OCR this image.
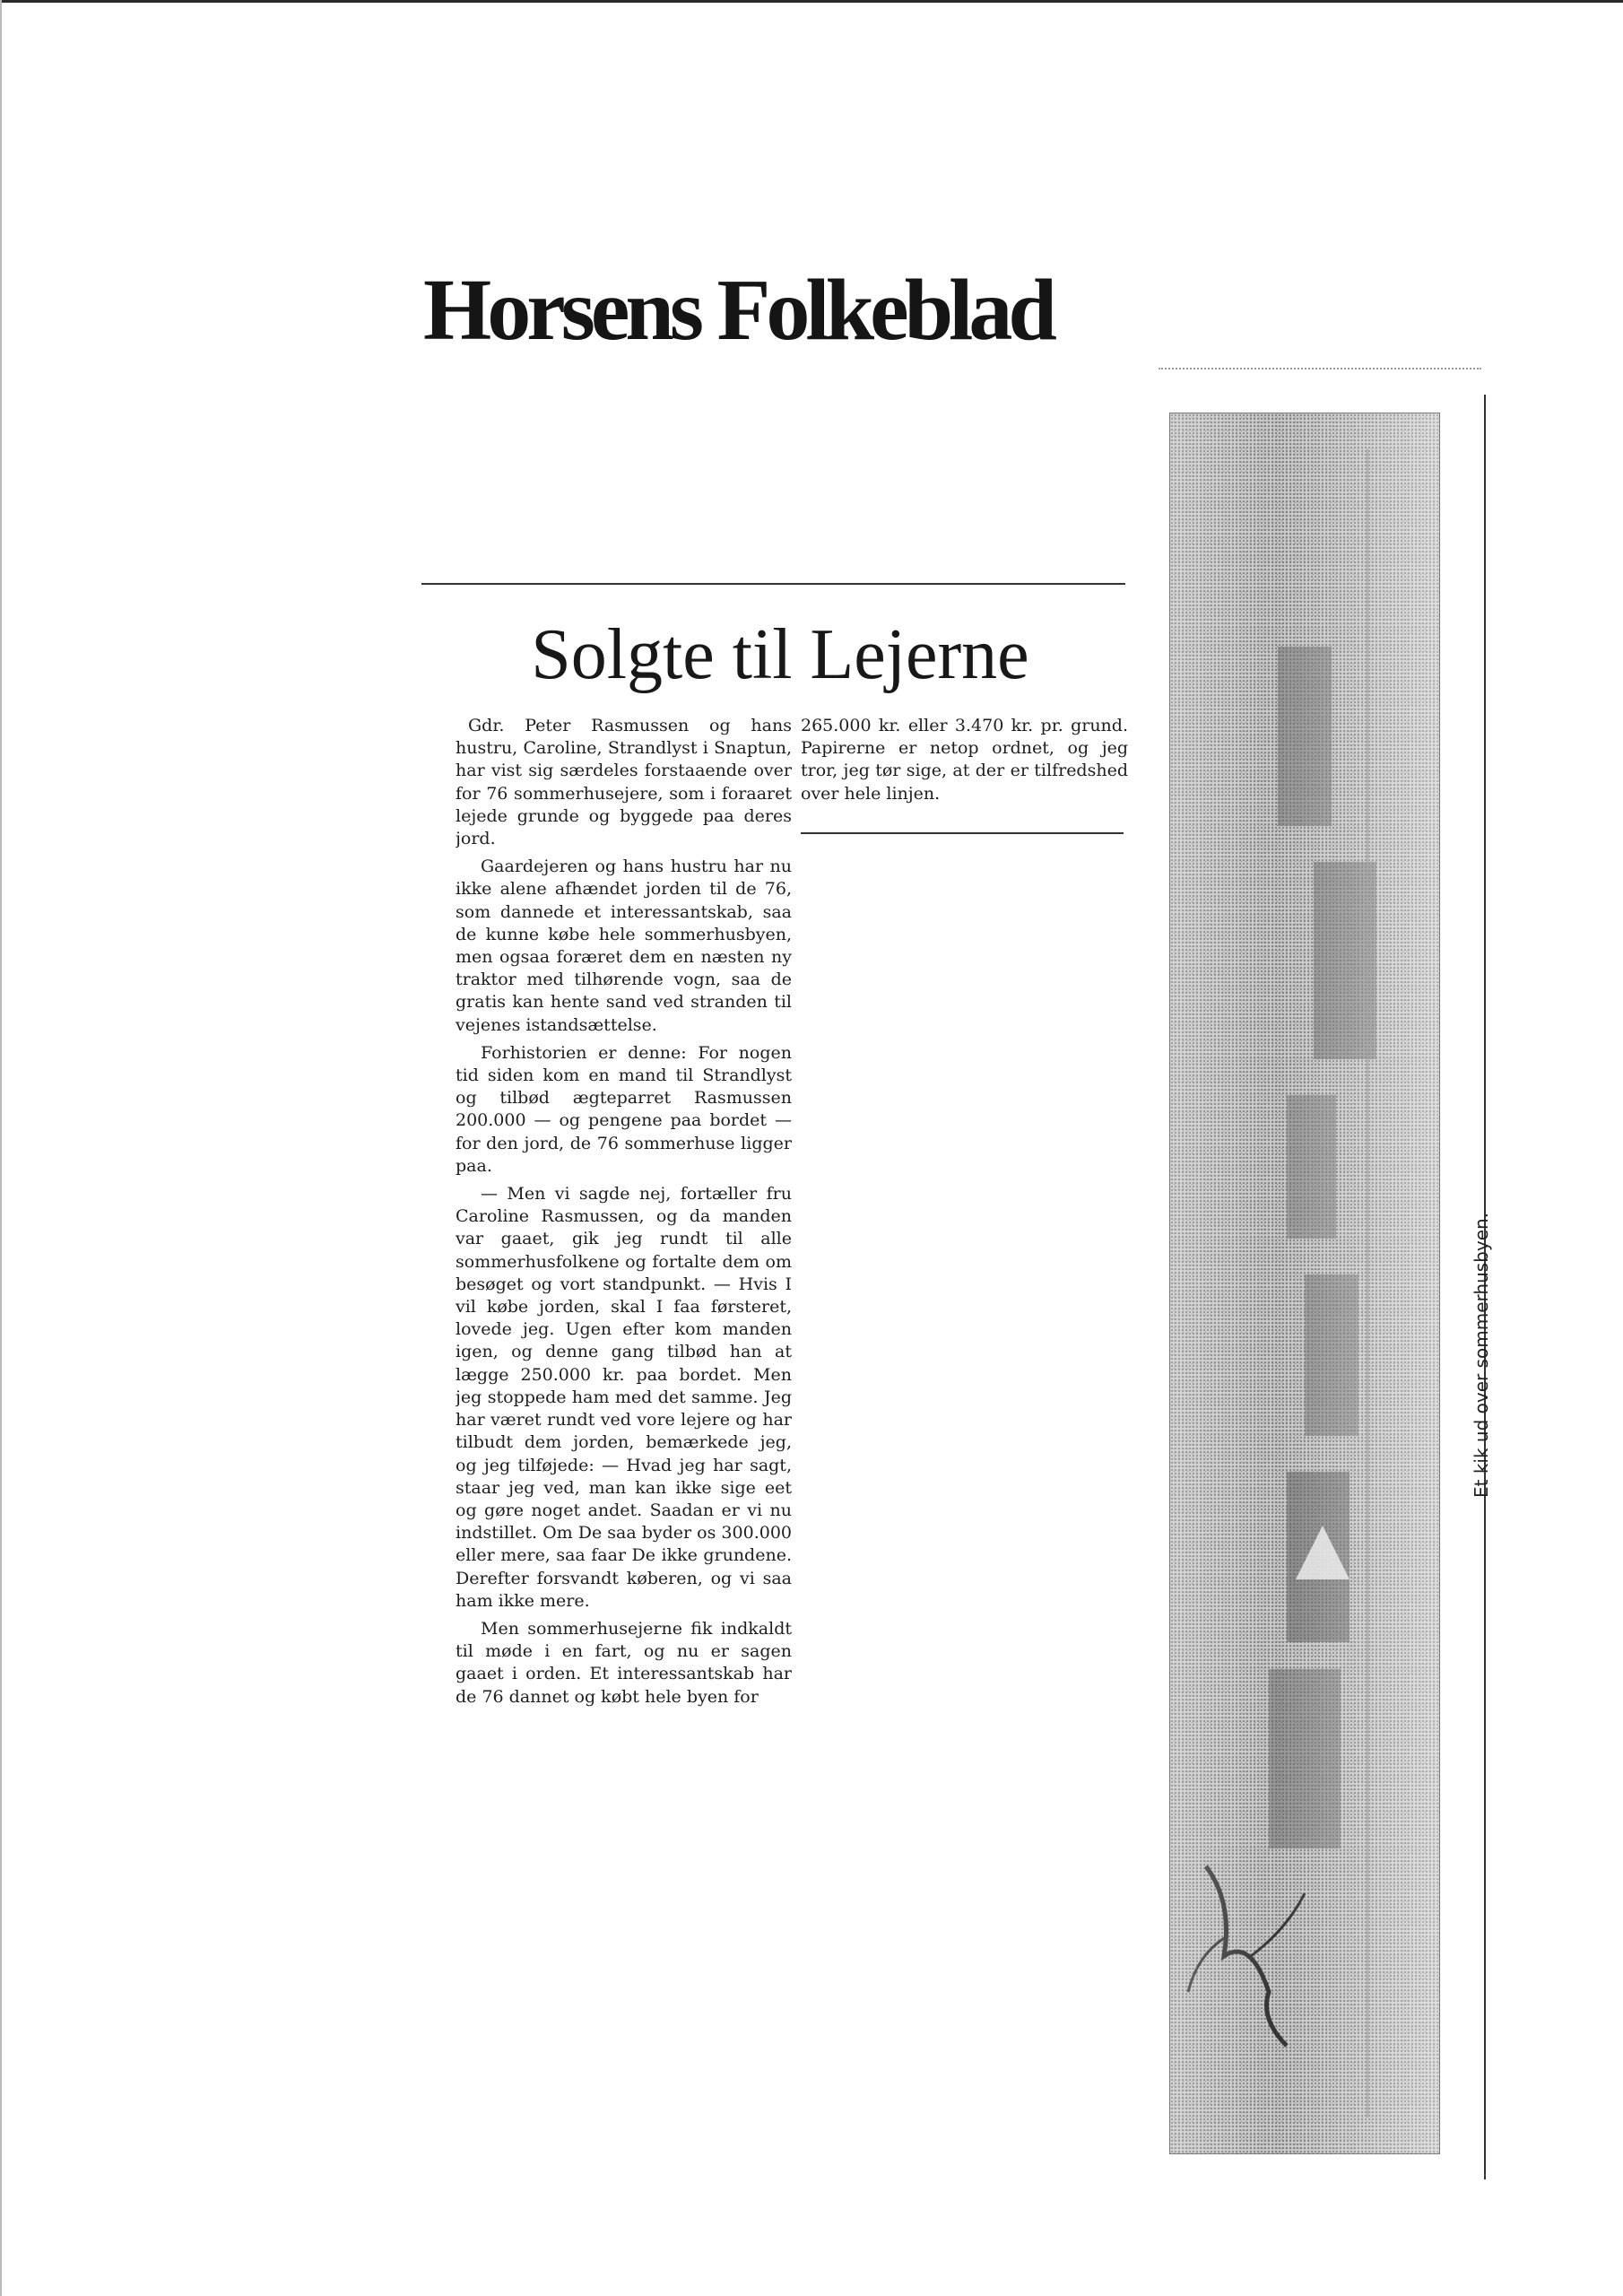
Horsens Folkeblad
Solgte til Lejerne

Gdr. Peter Rasmussen og hans hustru, Caroline, Strandlyst i Snaptun, har vist sig særdeles forstaaende over for 76 sommerhusejere, som i foraaret lejede grunde og byggede paa deres jord.

Gaardejeren og hans hustru har nu ikke alene afhændet jorden til de 76, som dannede et interessantskab, saa de kunne købe hele sommerhusbyen, men ogsaa foræret dem en næsten ny traktor med tilhørende vogn, saa de gratis kan hente sand ved stranden til vejenes istandsættelse.

Forhistorien er denne: For nogen tid siden kom en mand til Strandlyst og tilbød ægteparret Rasmussen 200.000 — og pengene paa bordet — for den jord, de 76 sommerhuse ligger paa.

— Men vi sagde nej, fortæller fru Caroline Rasmussen, og da manden var gaaet, gik jeg rundt til alle sommerhusfolkene og fortalte dem om besøget og vort standpunkt. — Hvis I vil købe jorden, skal I faa førsteret, lovede jeg. Ugen efter kom manden igen, og denne gang tilbød han at lægge 250.000 kr. paa bordet. Men jeg stoppede ham med det samme. Jeg har været rundt ved vore lejere og har tilbudt dem jorden, bemærkede jeg, og jeg tilføjede: — Hvad jeg har sagt, staar jeg ved, man kan ikke sige eet og gøre noget andet. Saadan er vi nu indstillet. Om De saa byder os 300.000 eller mere, saa faar De ikke grundene. Derefter forsvandt køberen, og vi saa ham ikke mere.

Men sommerhusejerne fik indkaldt til møde i en fart, og nu er sagen gaaet i orden. Et interessantskab har de 76 dannet og købt hele byen for

265.000 kr. eller 3.470 kr. pr. grund. Papirerne er netop ordnet, og jeg tror, jeg tør sige, at der er tilfredshed over hele linjen.

Et kik ud over sommerhusbyen.
